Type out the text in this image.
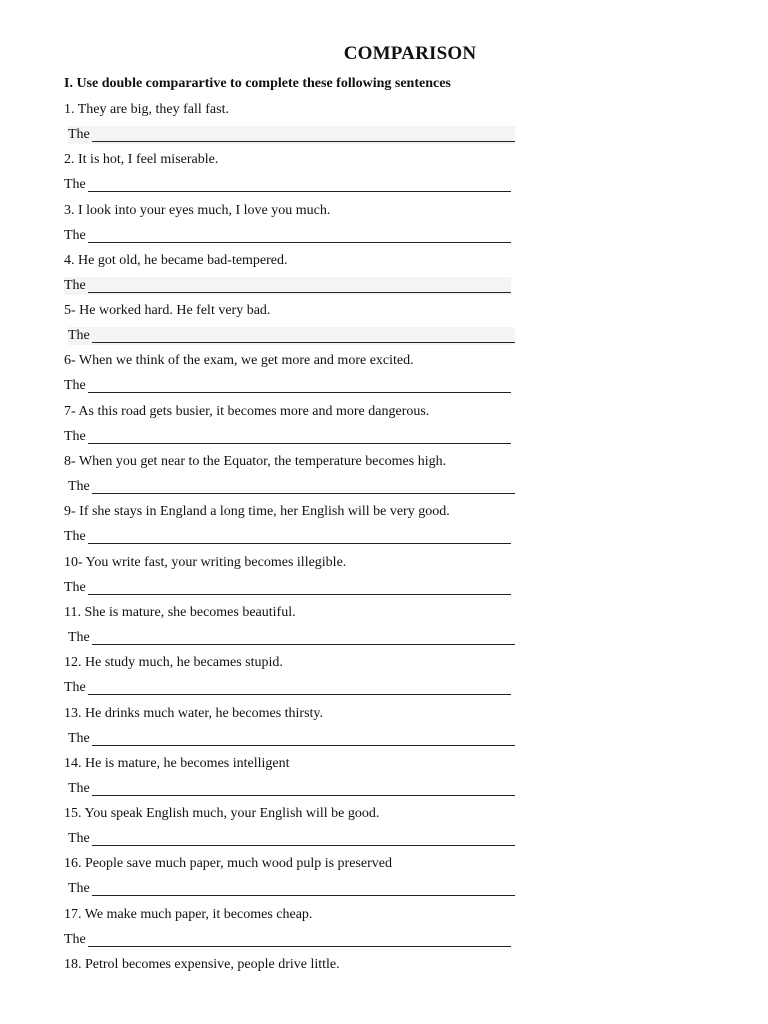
COMPARISON
I. Use double comparartive to complete these following sentences
1. They are big, they fall fast.
The
2. It is hot, I feel miserable.
The
3. I look into your eyes much, I love you much.
The
4. He got old, he became bad-tempered.
The
5- He worked hard. He felt very bad.
The
6- When we think of the exam, we get more and more excited.
The
7- As this road gets busier, it becomes more and more dangerous.
The
8- When you get near to the Equator, the temperature becomes high.
The
9- If she stays in England a long time, her English will be very good.
The
10- You write fast, your writing becomes illegible.
The
11. She is mature, she becomes beautiful.
The
12. He study much, he becames stupid.
The
13. He drinks much water, he becomes thirsty.
The
14. He is mature, he becomes intelligent
The
15. You speak English much, your English will be good.
The
16. People save much paper, much wood pulp is preserved
The
17. We make much paper, it becomes cheap.
The
18. Petrol becomes expensive, people drive little.
